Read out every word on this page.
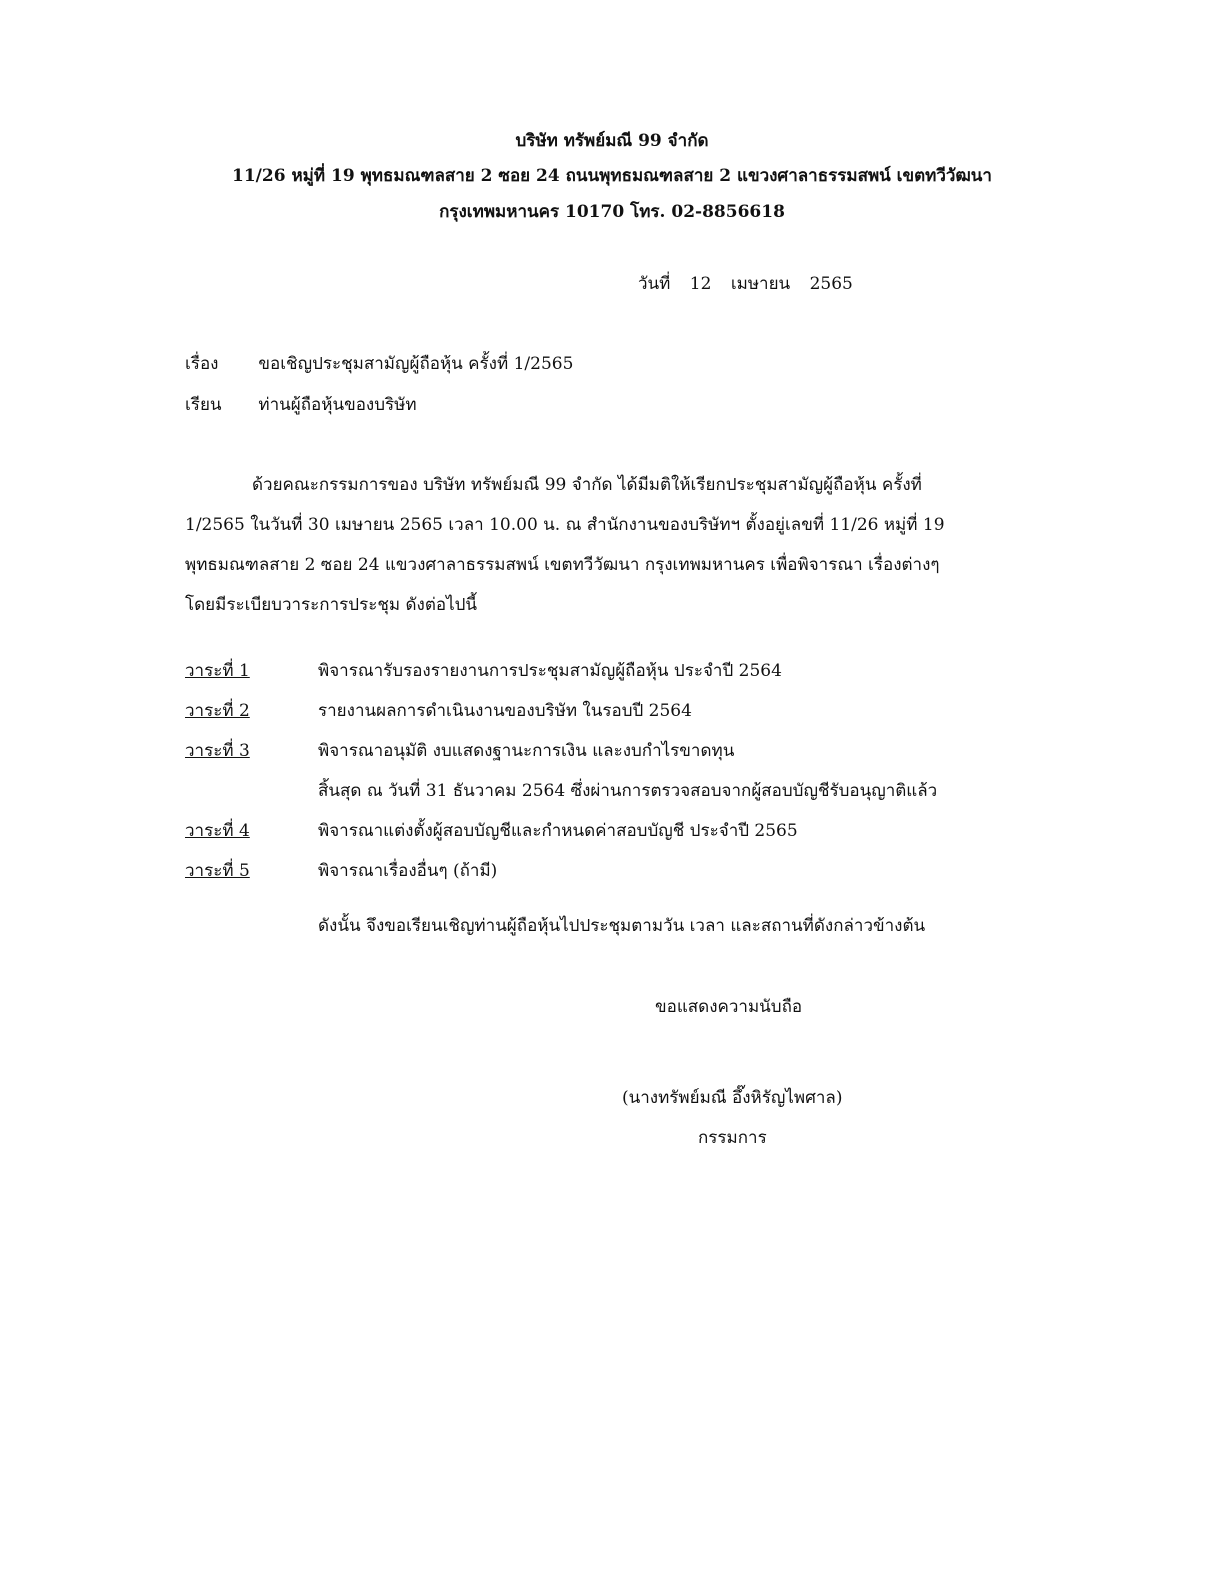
บริษัท ทรัพย์มณี 99 จำกัด
11/26 หมู่ที่ 19 พุทธมณฑลสาย 2 ซอย 24 ถนนพุทธมณฑลสาย 2 แขวงศาลาธรรมสพน์ เขตทวีวัฒนา
กรุงเทพมหานคร 10170 โทร. 02-8856618
วันที่ 12 เมษายน 2565
เรื่อง ขอเชิญประชุมสามัญผู้ถือหุ้น ครั้งที่ 1/2565
เรียน ท่านผู้ถือหุ้นของบริษัท
ด้วยคณะกรรมการของ บริษัท ทรัพย์มณี 99 จำกัด ได้มีมติให้เรียกประชุมสามัญผู้ถือหุ้น ครั้งที่
1/2565 ในวันที่ 30 เมษายน 2565 เวลา 10.00 น. ณ สำนักงานของบริษัทฯ ตั้งอยู่เลขที่ 11/26 หมู่ที่ 19
พุทธมณฑลสาย 2 ซอย 24 แขวงศาลาธรรมสพน์ เขตทวีวัฒนา กรุงเทพมหานคร เพื่อพิจารณา เรื่องต่างๆ
โดยมีระเบียบวาระการประชุม ดังต่อไปนี้
วาระที่ 1	พิจารณารับรองรายงานการประชุมสามัญผู้ถือหุ้น ประจำปี 2564
วาระที่ 2	รายงานผลการดำเนินงานของบริษัท ในรอบปี 2564
วาระที่ 3	พิจารณาอนุมัติ งบแสดงฐานะการเงิน และงบกำไรขาดทุน
สิ้นสุด ณ วันที่ 31 ธันวาคม 2564 ซึ่งผ่านการตรวจสอบจากผู้สอบบัญชีรับอนุญาติแล้ว
วาระที่ 4	พิจารณาแต่งตั้งผู้สอบบัญชีและกำหนดค่าสอบบัญชี ประจำปี 2565
วาระที่ 5	พิจารณาเรื่องอื่นๆ (ถ้ามี)
ดังนั้น จึงขอเรียนเชิญท่านผู้ถือหุ้นไปประชุมตามวัน เวลา และสถานที่ดังกล่าวข้างต้น
ขอแสดงความนับถือ
(นางทรัพย์มณี อึ๊งหิรัญไพศาล)
กรรมการ
